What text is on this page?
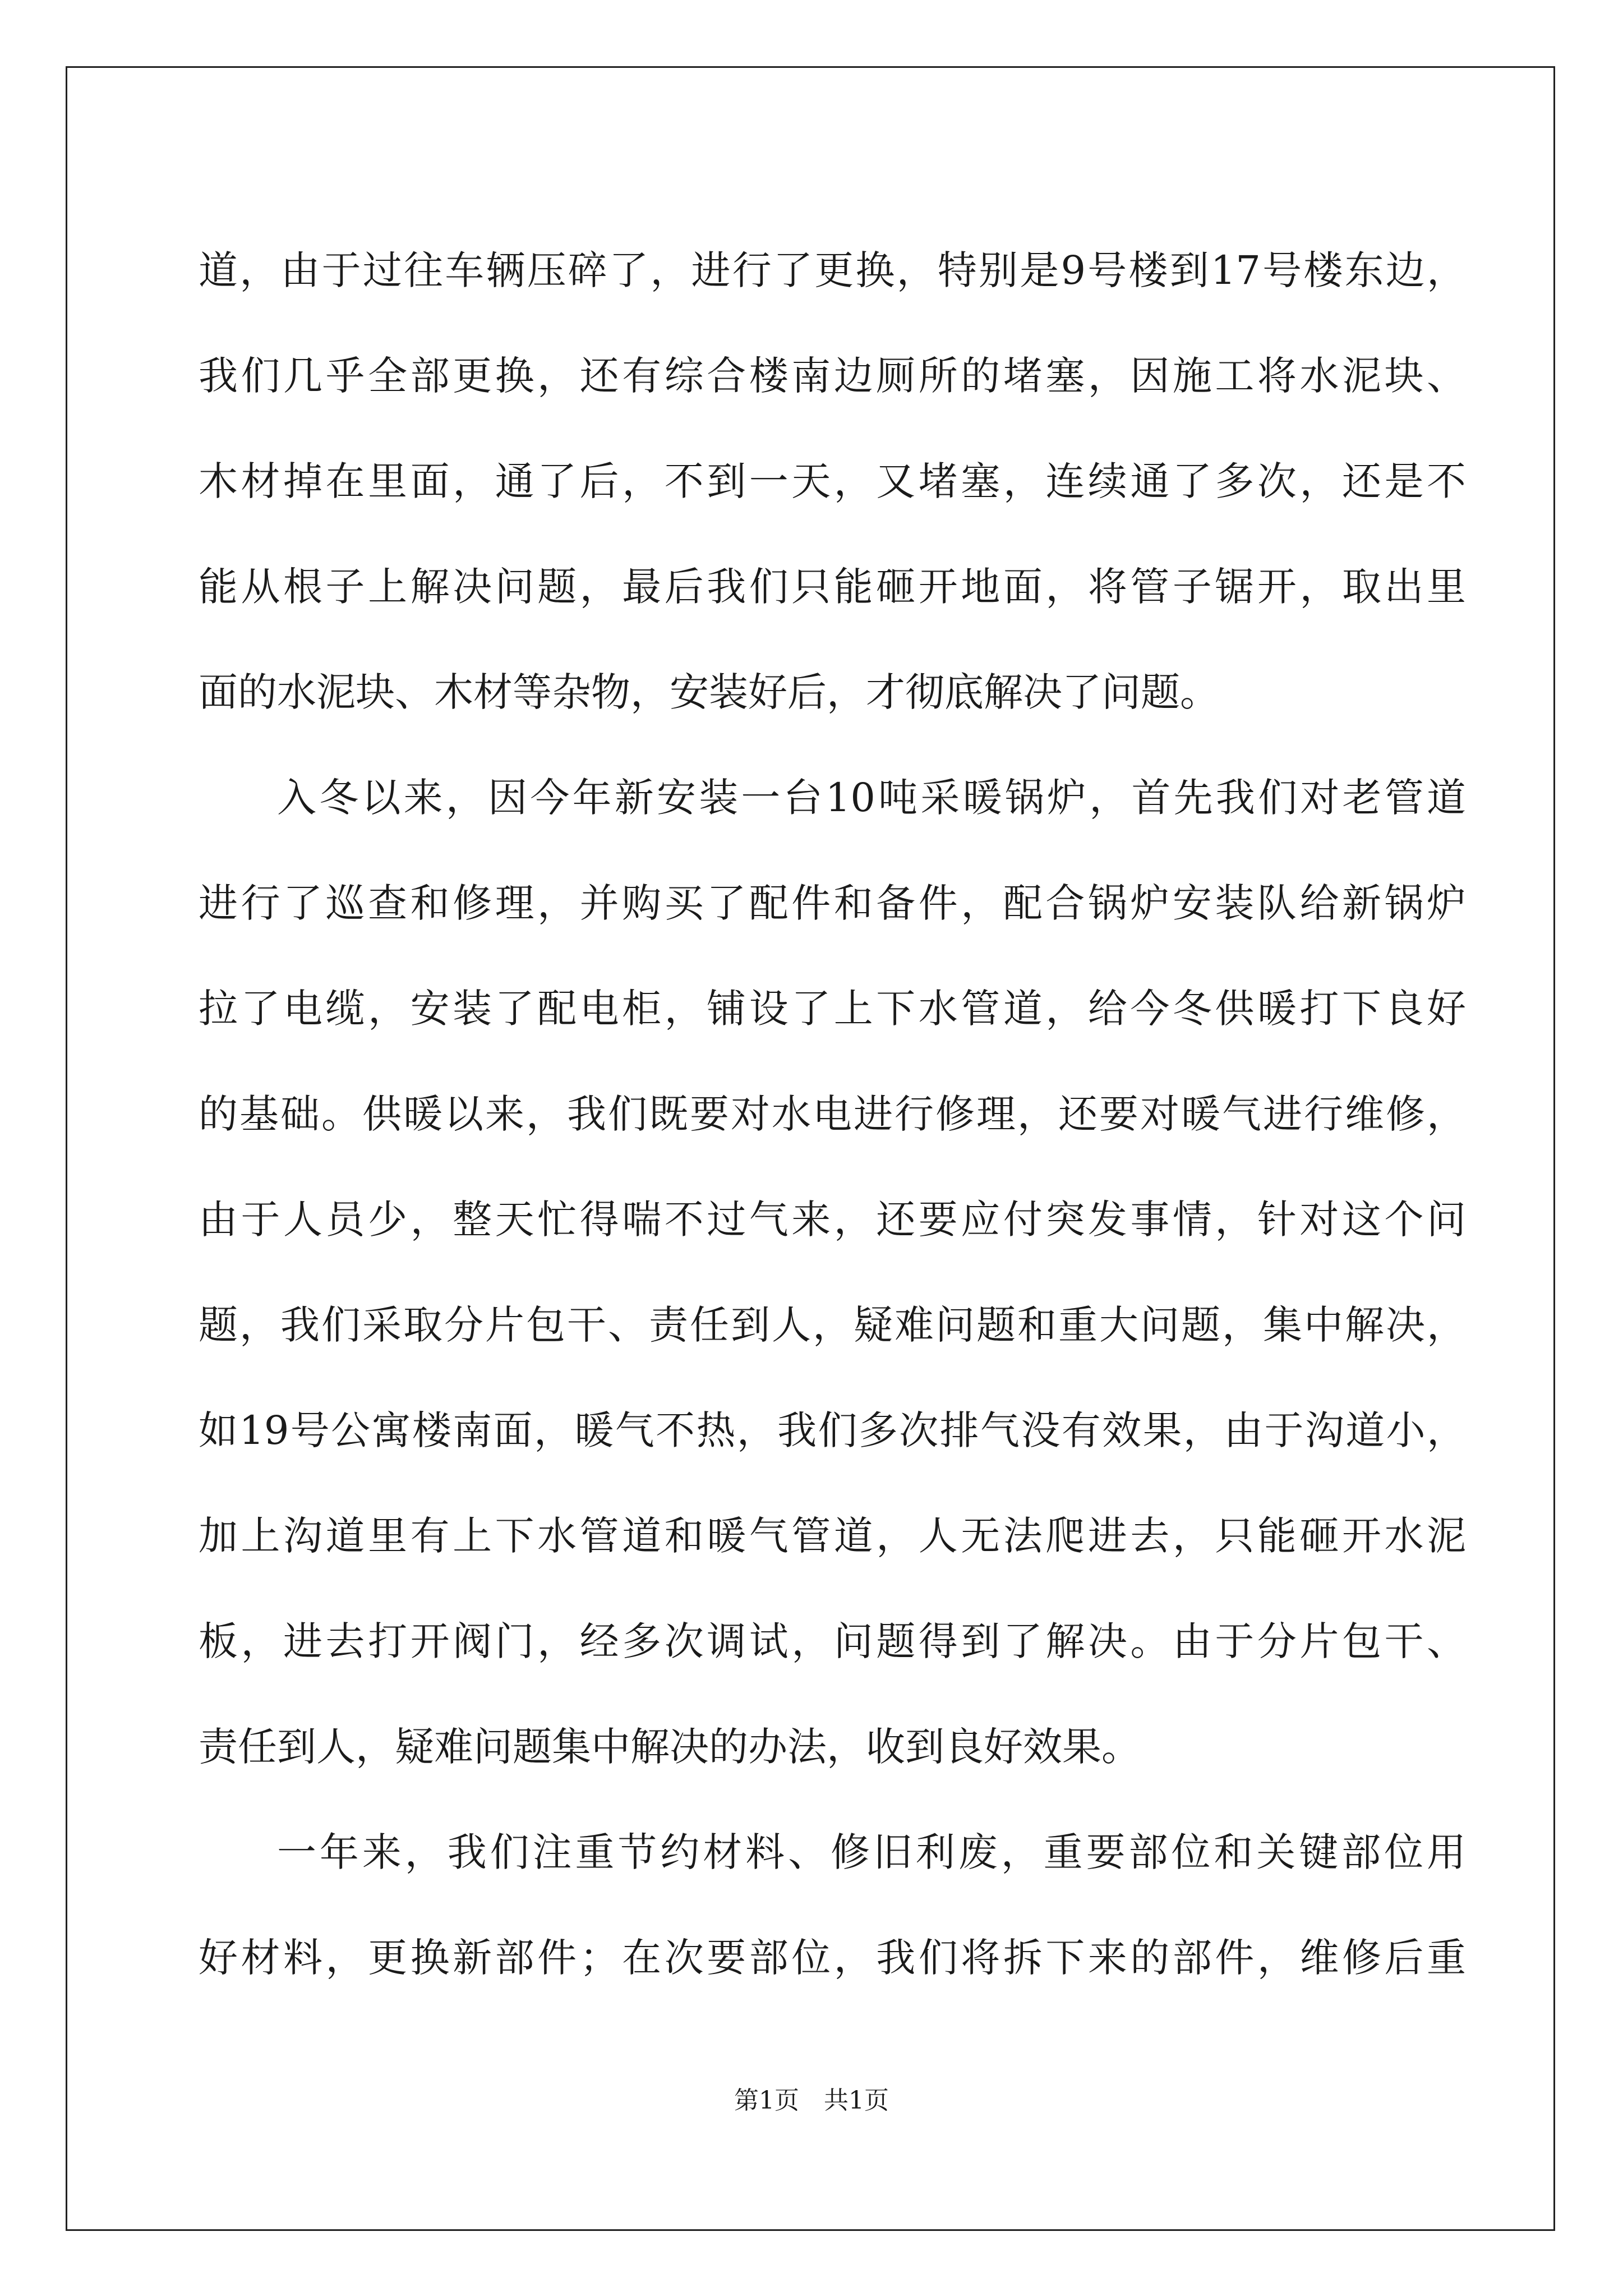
道，由于过往车辆压碎了，进行了更换，特别是9号楼到17号楼东边，
我们几乎全部更换，还有综合楼南边厕所的堵塞，因施工将水泥块、
木材掉在里面，通了后，不到一天，又堵塞，连续通了多次，还是不
能从根子上解决问题，最后我们只能砸开地面，将管子锯开，取出里
面的水泥块、木材等杂物，安装好后，才彻底解决了问题。
入冬以来，因今年新安装一台10吨采暖锅炉，首先我们对老管道
进行了巡查和修理，并购买了配件和备件，配合锅炉安装队给新锅炉
拉了电缆，安装了配电柜，铺设了上下水管道，给今冬供暖打下良好
的基础。供暖以来，我们既要对水电进行修理，还要对暖气进行维修，
由于人员少，整天忙得喘不过气来，还要应付突发事情，针对这个问
题，我们采取分片包干、责任到人，疑难问题和重大问题，集中解决，
如19号公寓楼南面，暖气不热，我们多次排气没有效果，由于沟道小，
加上沟道里有上下水管道和暖气管道，人无法爬进去，只能砸开水泥
板，进去打开阀门，经多次调试，问题得到了解决。由于分片包干、
责任到人，疑难问题集中解决的办法，收到良好效果。
一年来，我们注重节约材料、修旧利废，重要部位和关键部位用
好材料，更换新部件；在次要部位，我们将拆下来的部件，维修后重
第1页 共1页
